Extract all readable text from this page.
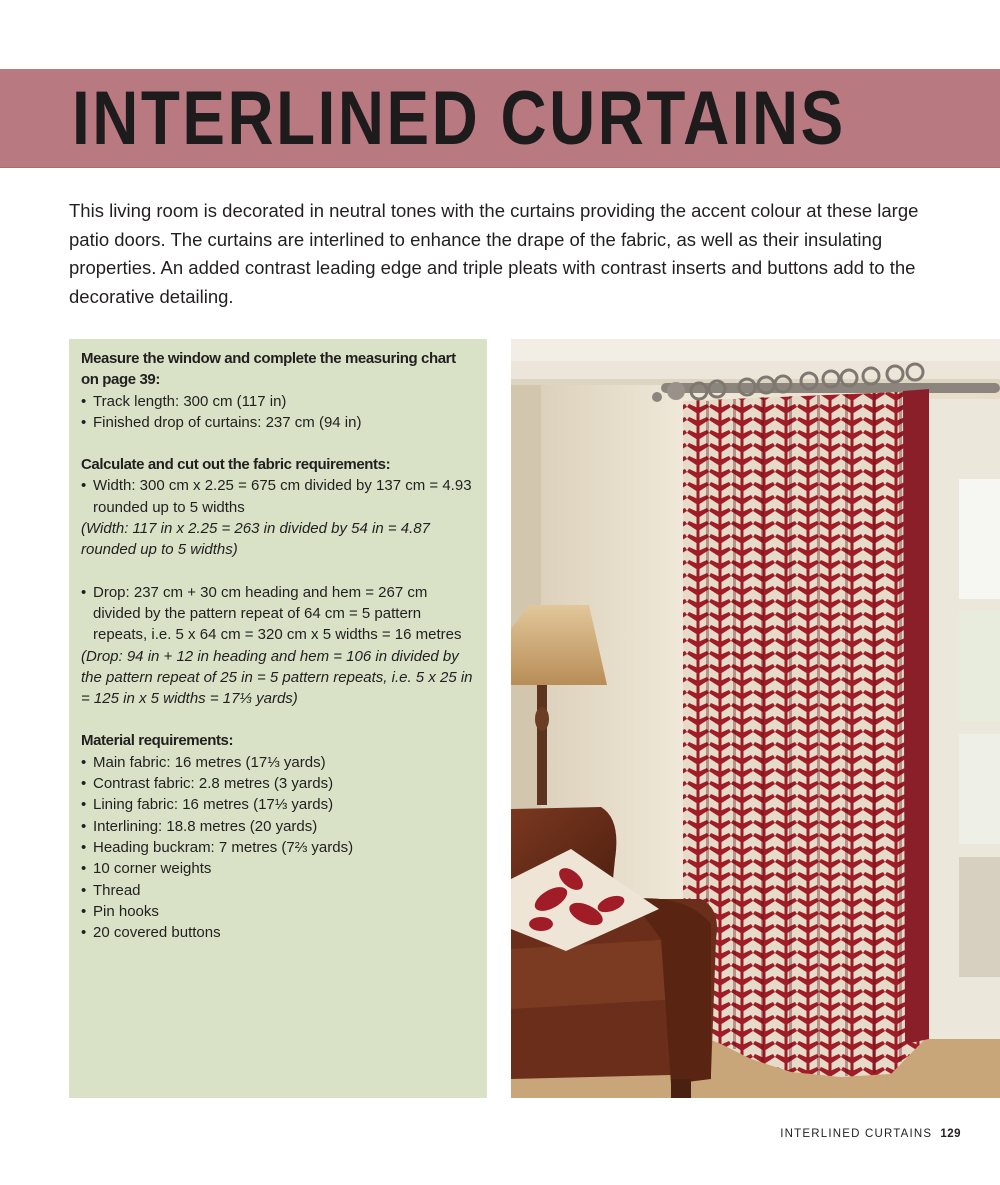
INTERLINED CURTAINS

This living room is decorated in neutral tones with the curtains providing the accent colour at these large patio doors. The curtains are interlined to enhance the drape of the fabric, as well as their insulating properties. An added contrast leading edge and triple pleats with contrast inserts and buttons add to the decorative detailing.

Measure the window and complete the measuring chart on page 39:
• Track length: 300 cm (117 in)
• Finished drop of curtains: 237 cm (94 in)
Calculate and cut out the fabric requirements:
• Width: 300 cm x 2.25 = 675 cm divided by 137 cm = 4.93 rounded up to 5 widths

(Width: 117 in x 2.25 = 263 in divided by 54 in = 4.87 rounded up to 5 widths)

• Drop: 237 cm + 30 cm heading and hem = 267 cm divided by the pattern repeat of 64 cm = 5 pattern repeats, i.e. 5 x 64 cm = 320 cm x 5 widths = 16 metres

(Drop: 94 in + 12 in heading and hem = 106 in divided by the pattern repeat of 25 in = 5 pattern repeats, i.e. 5 x 25 in = 125 in x 5 widths = 17⅓ yards)

Material requirements:
• Main fabric: 16 metres (17⅓ yards)
• Contrast fabric: 2.8 metres (3 yards)
• Lining fabric: 16 metres (17⅓ yards)
• Interlining: 18.8 metres (20 yards)
• Heading buckram: 7 metres (7⅔ yards)
• 10 corner weights
• Thread
• Pin hooks
• 20 covered buttons
INTERLINED CURTAINS 129
